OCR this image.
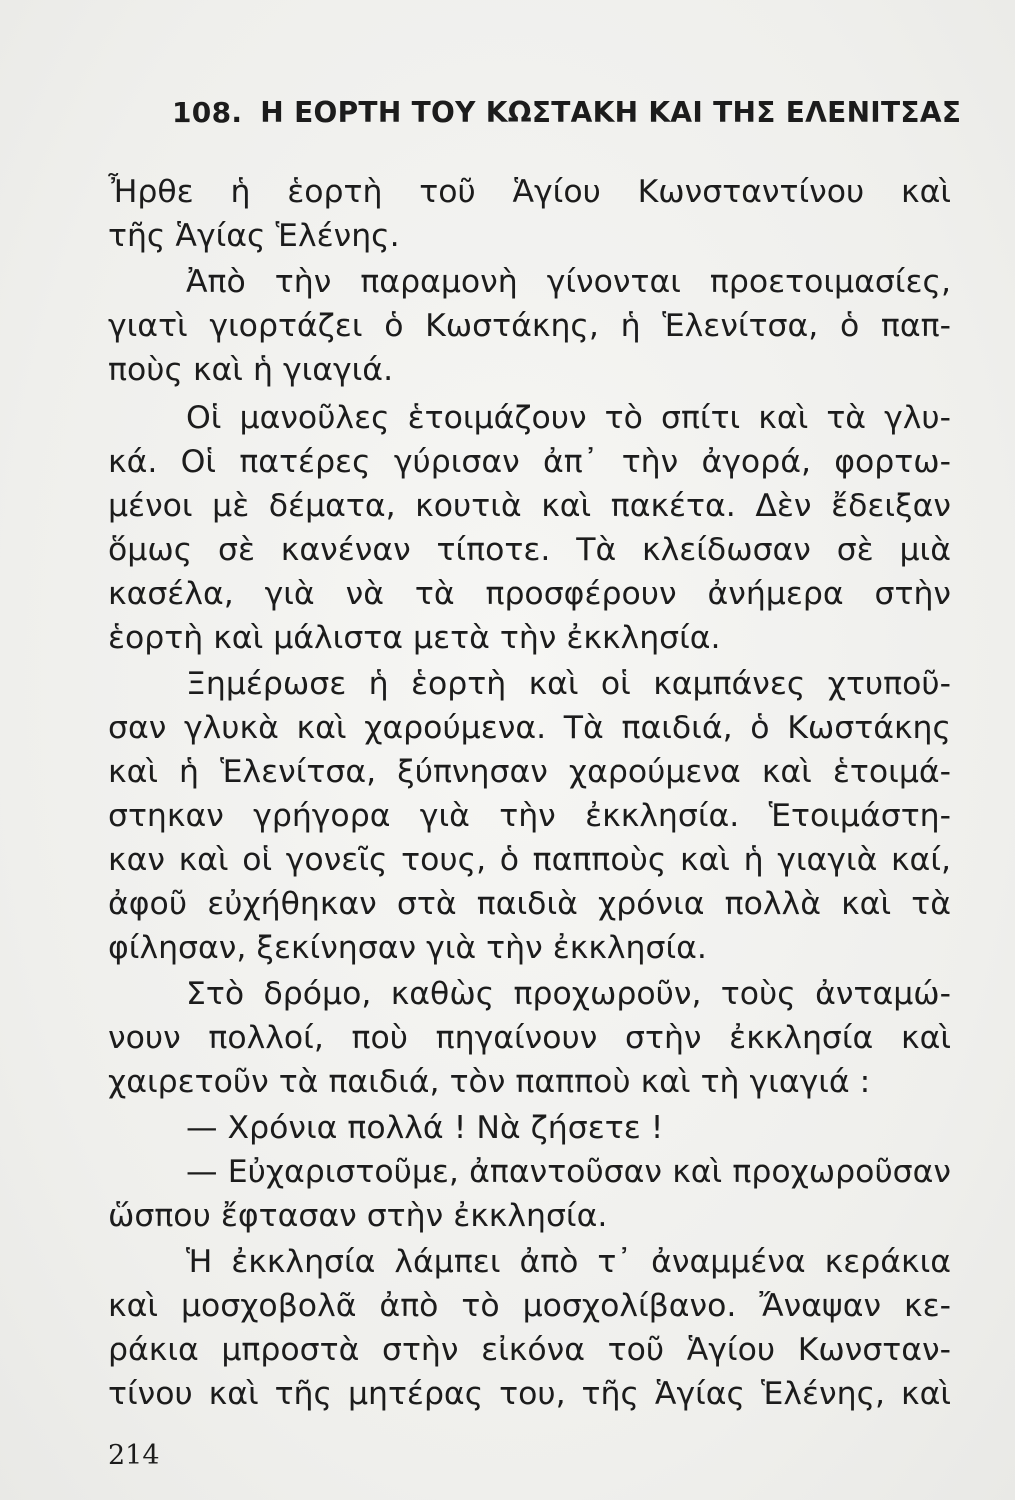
108. Η ΕΟΡΤΗ ΤΟΥ ΚΩΣΤΑΚΗ ΚΑΙ ΤΗΣ ΕΛΕΝΙΤΣΑΣ

Ἦρθε ἡ ἑορτὴ τοῦ Ἁγίου Κωνσταντίνου καὶ

τῆς Ἁγίας Ἑλένης.

Ἀπὸ τὴν παραμονὴ γίνονται προετοιμασίες,

γιατὶ γιορτάζει ὁ Κωστάκης, ἡ Ἑλενίτσα, ὁ παπ-

ποὺς καὶ ἡ γιαγιά.

Οἱ μανοῦλες ἑτοιμάζουν τὸ σπίτι καὶ τὰ γλυ-

κά. Οἱ πατέρες γύρισαν ἀπ᾿ τὴν ἀγορά, φορτω-

μένοι μὲ δέματα, κουτιὰ καὶ πακέτα. Δὲν ἔδειξαν

ὅμως σὲ κανέναν τίποτε. Τὰ κλείδωσαν σὲ μιὰ

κασέλα, γιὰ νὰ τὰ προσφέρουν ἀνήμερα στὴν

ἑορτὴ καὶ μάλιστα μετὰ τὴν ἐκκλησία.

Ξημέρωσε ἡ ἑορτὴ καὶ οἱ καμπάνες χτυποῦ-

σαν γλυκὰ καὶ χαρούμενα. Τὰ παιδιά, ὁ Κωστάκης

καὶ ἡ Ἑλενίτσα, ξύπνησαν χαρούμενα καὶ ἑτοιμά-

στηκαν γρήγορα γιὰ τὴν ἐκκλησία. Ἑτοιμάστη-

καν καὶ οἱ γονεῖς τους, ὁ παπποὺς καὶ ἡ γιαγιὰ καί,

ἀφοῦ εὐχήθηκαν στὰ παιδιὰ χρόνια πολλὰ καὶ τὰ

φίλησαν, ξεκίνησαν γιὰ τὴν ἐκκλησία.

Στὸ δρόμο, καθὼς προχωροῦν, τοὺς ἀνταμώ-

νουν πολλοί, ποὺ πηγαίνουν στὴν ἐκκλησία καὶ

χαιρετοῦν τὰ παιδιά, τὸν παπποὺ καὶ τὴ γιαγιά :

— Χρόνια πολλά ! Νὰ ζήσετε !

— Εὐχαριστοῦμε, ἀπαντοῦσαν καὶ προχωροῦσαν

ὥσπου ἔφτασαν στὴν ἐκκλησία.

Ἡ ἐκκλησία λάμπει ἀπὸ τ᾿ ἀναμμένα κεράκια

καὶ μοσχοβολᾶ ἀπὸ τὸ μοσχολίβανο. Ἄναψαν κε-

ράκια μπροστὰ στὴν εἰκόνα τοῦ Ἁγίου Κωνσταν-

τίνου καὶ τῆς μητέρας του, τῆς Ἁγίας Ἑλένης, καὶ

214
